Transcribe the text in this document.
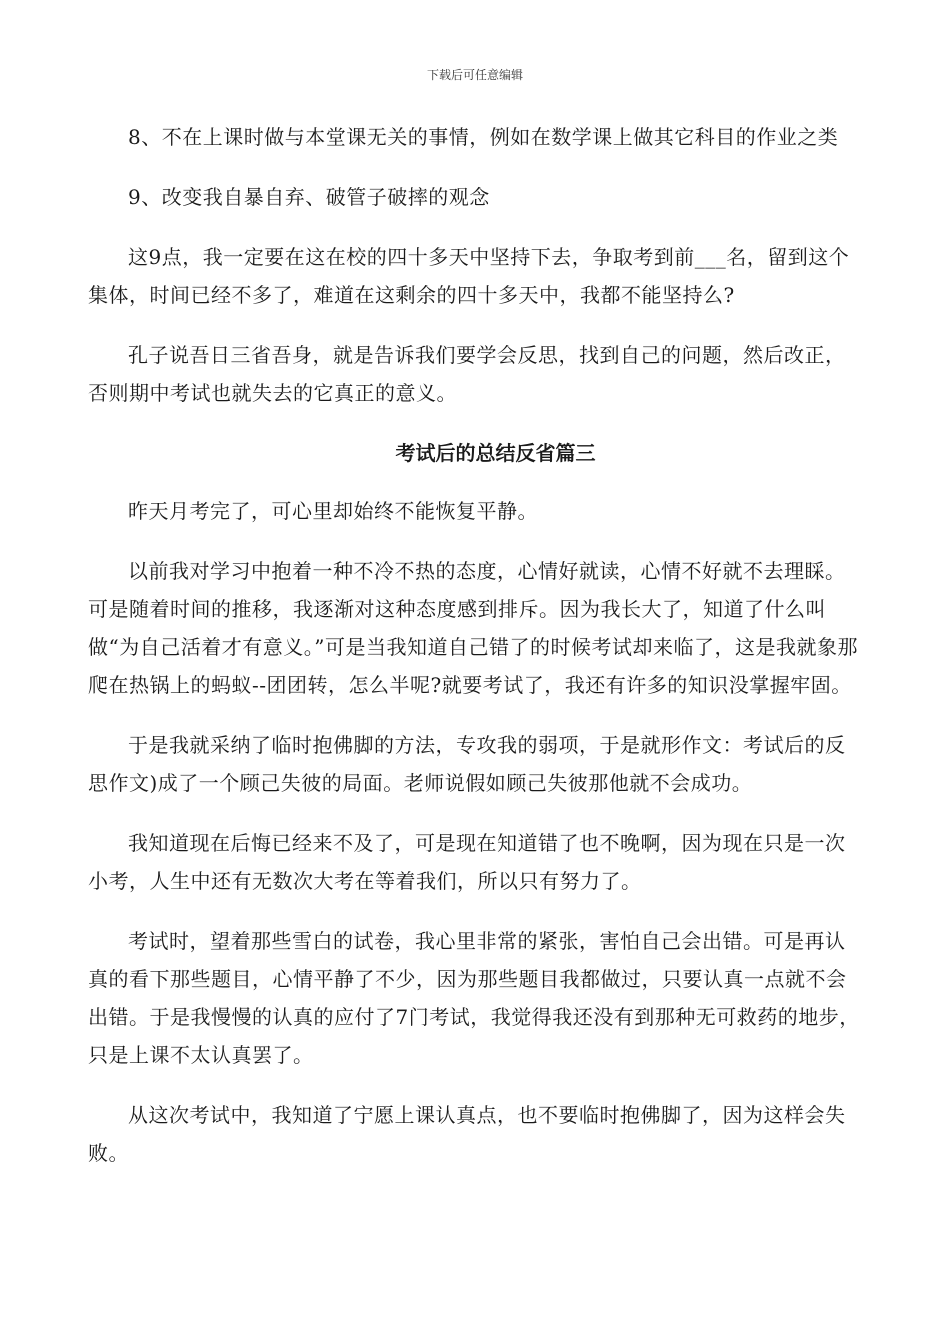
下载后可任意编辑

8、不在上课时做与本堂课无关的事情，例如在数学课上做其它科目的作业之类

9、改变我自暴自弃、破管子破摔的观念

这9点，我一定要在这在校的四十多天中坚持下去，争取考到前___名，留到这个集体，时间已经不多了，难道在这剩余的四十多天中，我都不能坚持么?

孔子说吾日三省吾身，就是告诉我们要学会反思，找到自己的问题，然后改正，否则期中考试也就失去的它真正的意义。

考试后的总结反省篇三

昨天月考完了，可心里却始终不能恢复平静。

以前我对学习中抱着一种不冷不热的态度，心情好就读，心情不好就不去理睬。可是随着时间的推移，我逐渐对这种态度感到排斥。因为我长大了，知道了什么叫做“为自己活着才有意义。”可是当我知道自己错了的时候考试却来临了，这是我就象那爬在热锅上的蚂蚁--团团转，怎么半呢?就要考试了，我还有许多的知识没掌握牢固。

于是我就采纳了临时抱佛脚的方法，专攻我的弱项，于是就形作文：考试后的反思作文)成了一个顾己失彼的局面。老师说假如顾己失彼那他就不会成功。

我知道现在后悔已经来不及了，可是现在知道错了也不晚啊，因为现在只是一次小考，人生中还有无数次大考在等着我们，所以只有努力了。

考试时，望着那些雪白的试卷，我心里非常的紧张，害怕自己会出错。可是再认真的看下那些题目，心情平静了不少，因为那些题目我都做过，只要认真一点就不会出错。于是我慢慢的认真的应付了7门考试，我觉得我还没有到那种无可救药的地步，只是上课不太认真罢了。

从这次考试中，我知道了宁愿上课认真点，也不要临时抱佛脚了，因为这样会失败。
